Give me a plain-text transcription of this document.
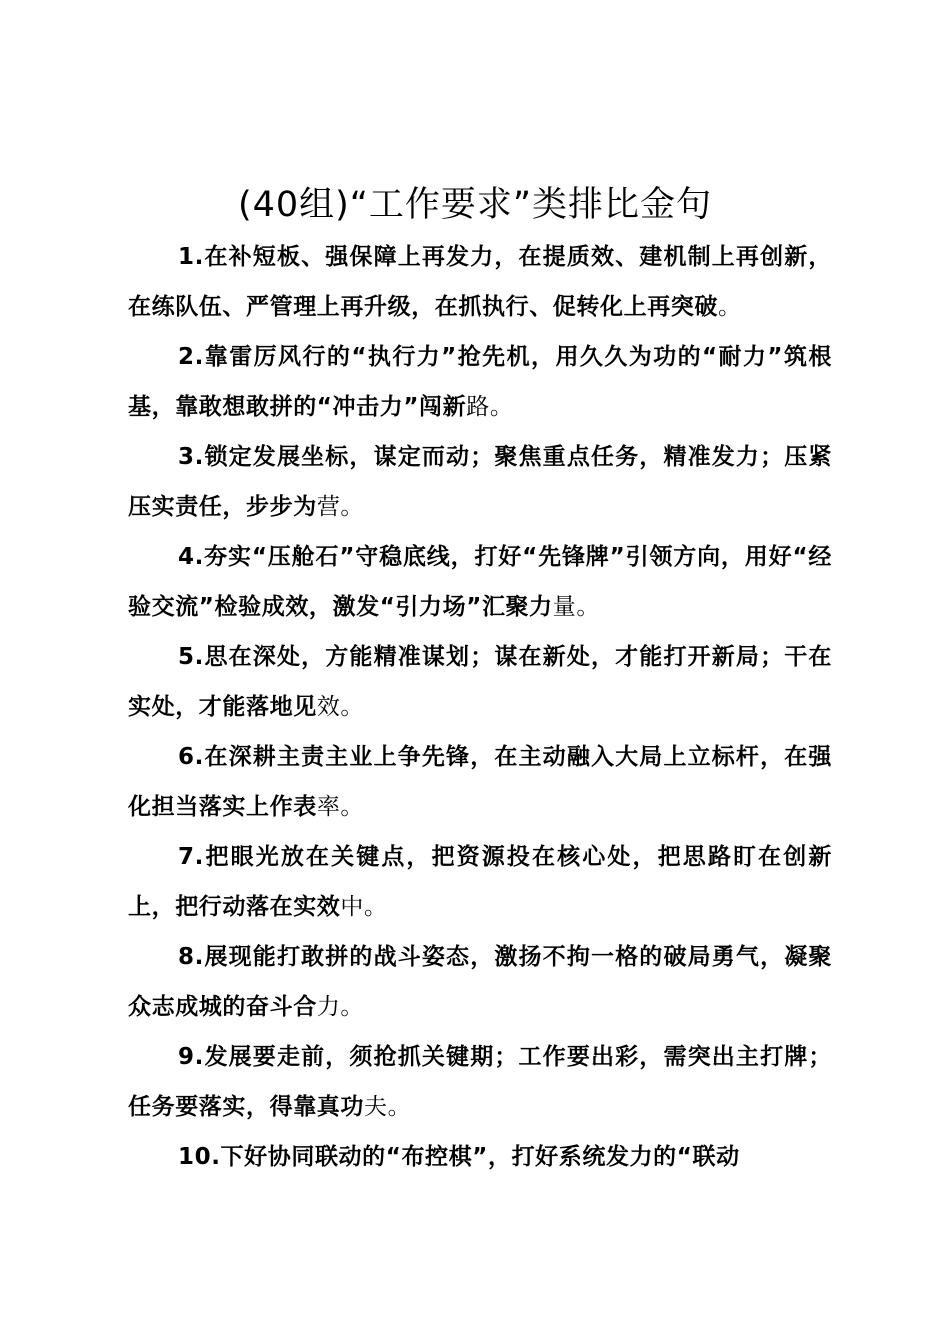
(40组)“工作要求”类排比金句

1.在补短板、强保障上再发力，在提质效、建机制上再创新，在练队伍、严管理上再升级，在抓执行、促转化上再突破。

2.靠雷厉风行的“执行力”抢先机，用久久为功的“耐力”筑根基，靠敢想敢拼的“冲击力”闯新路。

3.锁定发展坐标，谋定而动；聚焦重点任务，精准发力；压紧压实责任，步步为营。

4.夯实“压舱石”守稳底线，打好“先锋牌”引领方向，用好“经验交流”检验成效，激发“引力场”汇聚力量。

5.思在深处，方能精准谋划；谋在新处，才能打开新局；干在实处，才能落地见效。

6.在深耕主责主业上争先锋，在主动融入大局上立标杆，在强化担当落实上作表率。

7.把眼光放在关键点，把资源投在核心处，把思路盯在创新上，把行动落在实效中。

8.展现能打敢拼的战斗姿态，激扬不拘一格的破局勇气，凝聚众志成城的奋斗合力。

9.发展要走前，须抢抓关键期；工作要出彩，需突出主打牌；任务要落实，得靠真功夫。

10.下好协同联动的“布控棋”，打好系统发力的“联动
